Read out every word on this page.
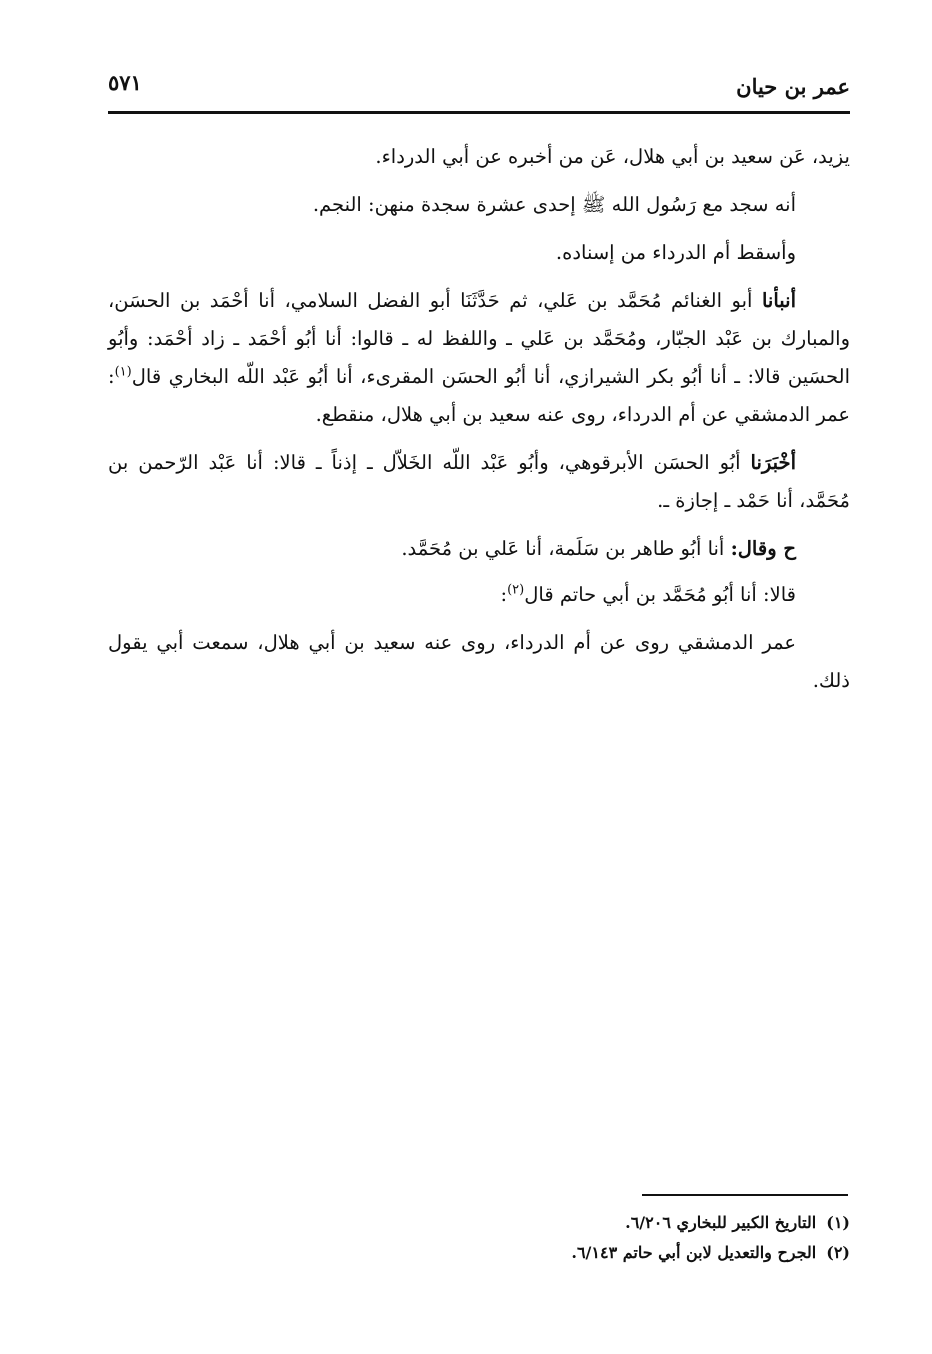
عمر بن حيان
٥٧١

يزيد، عَن سعيد بن أبي هلال، عَن من أخبره عن أبي الدرداء.

أنه سجد مع رَسُول الله ﷺ إحدى عشرة سجدة منهن: النجم.

وأسقط أم الدرداء من إسناده.

أنبأنا أبو الغنائم مُحَمَّد بن عَلي، ثم حَدَّثَنَا أبو الفضل السلامي، أنا أحْمَد بن الحسَن، والمبارك بن عَبْد الجبّار، ومُحَمَّد بن عَلي ـ واللفظ له ـ قالوا: أنا أبُو أحْمَد ـ زاد أحْمَد: وأبُو الحسَين قالا: ـ أنا أبُو بكر الشيرازي، أنا أبُو الحسَن المقرىء، أنا أبُو عَبْد اللّه البخاري قال$^{(١)}$: عمر الدمشقي عن أم الدرداء، روى عنه سعيد بن أبي هلال، منقطع.

أخْبَرَنا أبُو الحسَن الأبرقوهي، وأبُو عَبْد اللّه الخَلاّل ـ إذناً ـ قالا: أنا عَبْد الرّحمن بن مُحَمَّد، أنا حَمْد ـ إجازة ـ.

ح وقال: أنا أبُو طاهر بن سَلَمة، أنا عَلي بن مُحَمَّد.

قالا: أنا أبُو مُحَمَّد بن أبي حاتم قال$^{(٢)}$:

عمر الدمشقي روى عن أم الدرداء، روى عنه سعيد بن أبي هلال، سمعت أبي يقول ذلك.

(١)التاريخ الكبير للبخاري ٦/٢٠٦.

(٢)الجرح والتعديل لابن أبي حاتم ٦/١٤٣.
